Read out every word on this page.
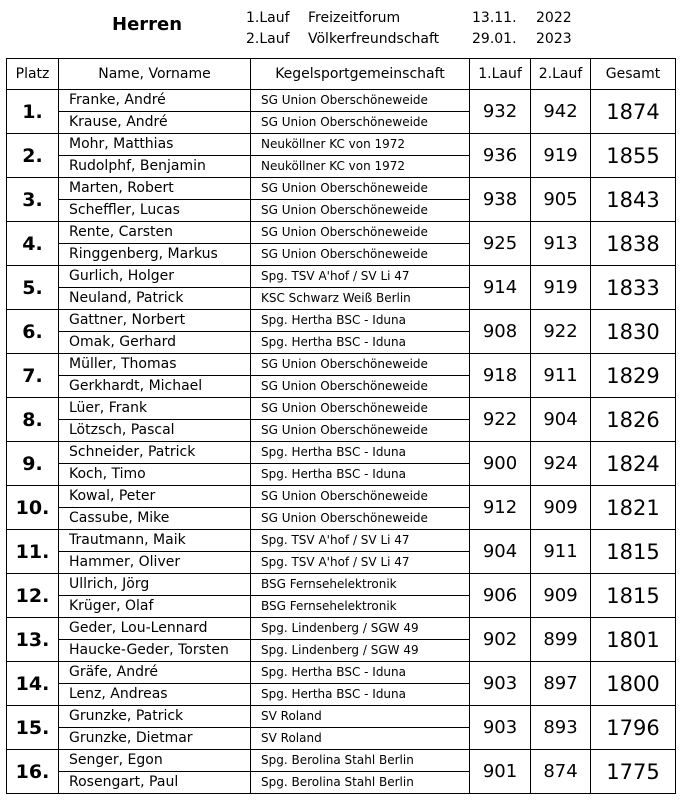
Herren	1.Lauf Freizeitforum	13.11. 2022
2.Lauf Völkerfreundschaft 29.01. 2023
Platz	Name, Vorname	Kegelsportgemeinschaft	1.Lauf	2.Lauf	Gesamt
1.	Franke, André	SG Union Oberschöneweide	932	942	1874
	Krause, André	SG Union Oberschöneweide			
2.	Mohr, Matthias	Neuköllner KC von 1972	936	919	1855
	Rudolphf, Benjamin	Neuköllner KC von 1972			
3.	Marten, Robert	SG Union Oberschöneweide	938	905	1843
	Scheffler, Lucas	SG Union Oberschöneweide			
4.	Rente, Carsten	SG Union Oberschöneweide	925	913	1838
	Ringgenberg, Markus	SG Union Oberschöneweide			
5.	Gurlich, Holger	Spg. TSV A'hof / SV Li 47	914	919	1833
	Neuland, Patrick	KSC Schwarz Weiß Berlin			
6.	Gattner, Norbert	Spg. Hertha BSC - Iduna	908	922	1830
	Omak, Gerhard	Spg. Hertha BSC - Iduna			
7.	Müller, Thomas	SG Union Oberschöneweide	918	911	1829
	Gerkhardt, Michael	SG Union Oberschöneweide			
8.	Lüer, Frank	SG Union Oberschöneweide	922	904	1826
	Lötzsch, Pascal	SG Union Oberschöneweide			
9.	Schneider, Patrick	Spg. Hertha BSC - Iduna	900	924	1824
	Koch, Timo	Spg. Hertha BSC - Iduna			
10.	Kowal, Peter	SG Union Oberschöneweide	912	909	1821
	Cassube, Mike	SG Union Oberschöneweide			
11.	Trautmann, Maik	Spg. TSV A'hof / SV Li 47	904	911	1815
	Hammer, Oliver	Spg. TSV A'hof / SV Li 47			
12.	Ullrich, Jörg	BSG Fernsehelektronik	906	909	1815
	Krüger, Olaf	BSG Fernsehelektronik			
13.	Geder, Lou-Lennard	Spg. Lindenberg / SGW 49	902	899	1801
	Haucke-Geder, Torsten	Spg. Lindenberg / SGW 49			
14.	Gräfe, André	Spg. Hertha BSC - Iduna	903	897	1800
	Lenz, Andreas	Spg. Hertha BSC - Iduna			
15.	Grunzke, Patrick	SV Roland	903	893	1796
	Grunzke, Dietmar	SV Roland			
16.	Senger, Egon	Spg. Berolina Stahl Berlin	901	874	1775
	Rosengart, Paul	Spg. Berolina Stahl Berlin			
